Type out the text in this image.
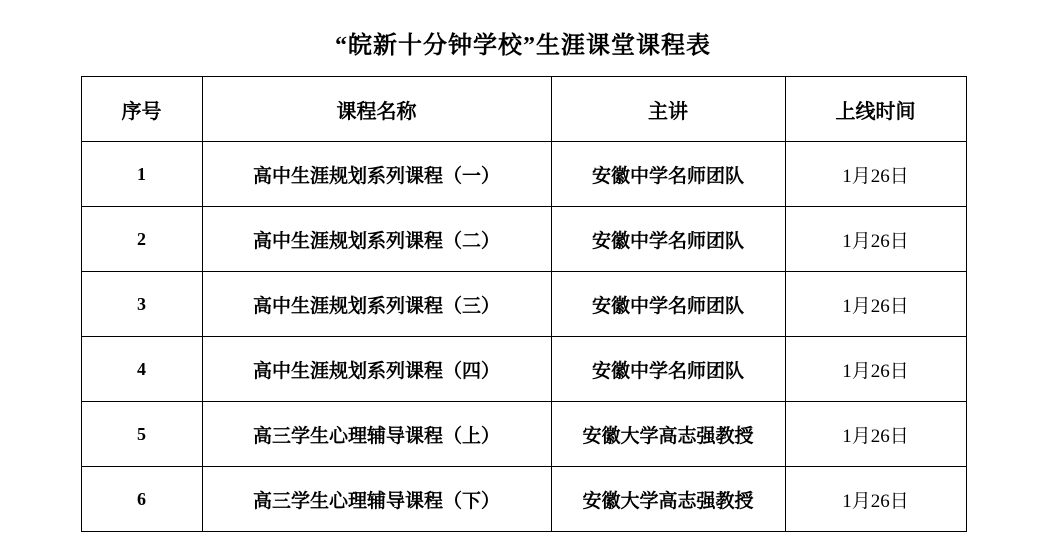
“皖新十分钟学校”生涯课堂课程表
序号	课程名称	主讲	上线时间
1	高中生涯规划系列课程（一）	安徽中学名师团队	1月26日
2	高中生涯规划系列课程（二）	安徽中学名师团队	1月26日
3	高中生涯规划系列课程（三）	安徽中学名师团队	1月26日
4	高中生涯规划系列课程（四）	安徽中学名师团队	1月26日
5	高三学生心理辅导课程（上）	安徽大学高志强教授	1月26日
6	高三学生心理辅导课程（下）	安徽大学高志强教授	1月26日
